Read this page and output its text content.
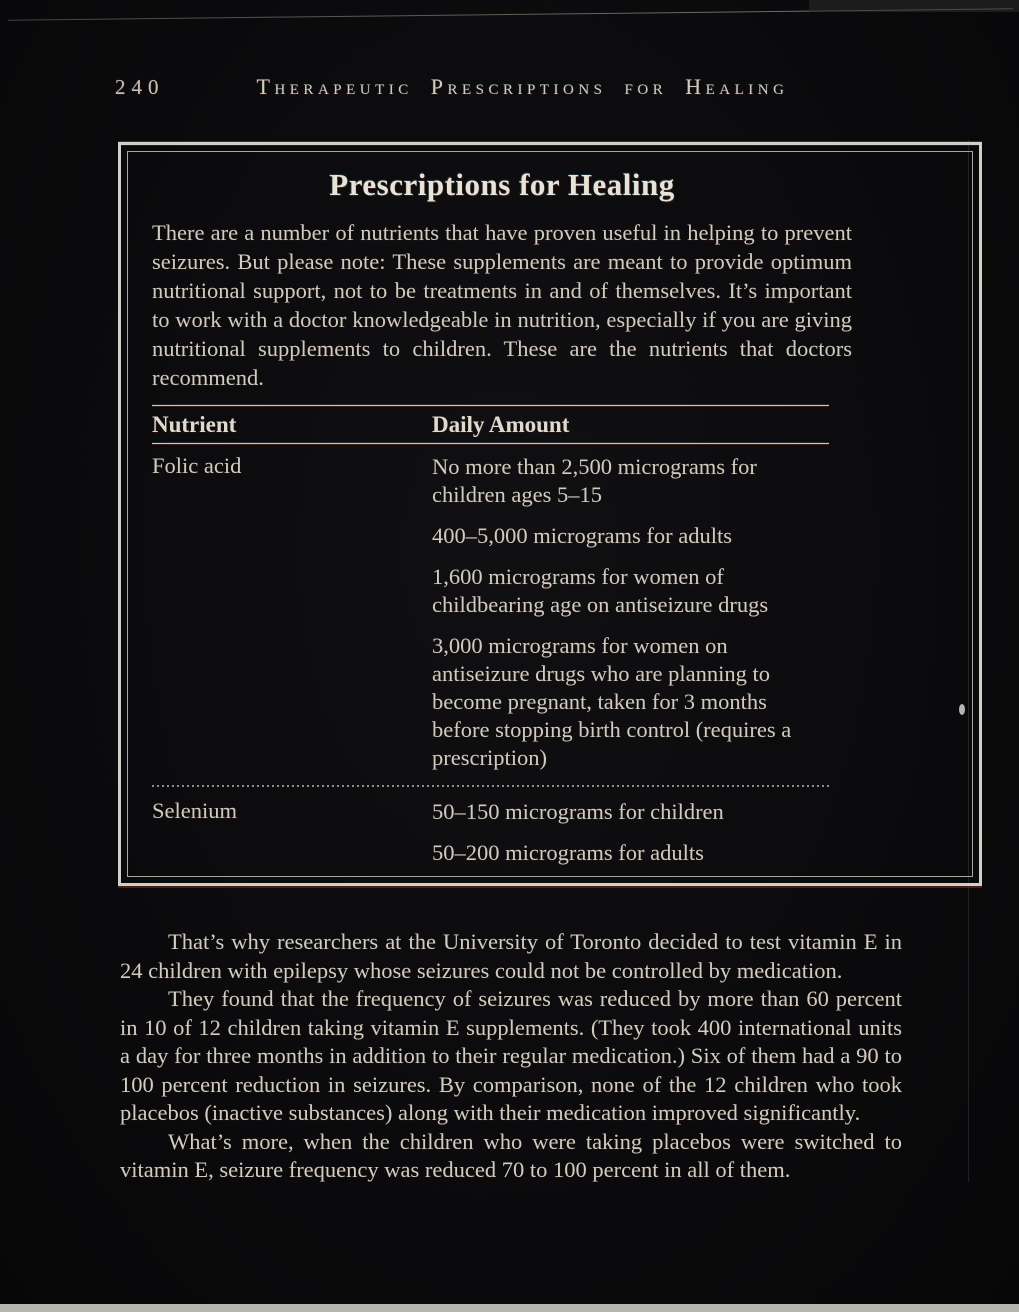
240	Therapeutic Prescriptions for Healing
Prescriptions for Healing

There are a number of nutrients that have proven useful in helping to prevent seizures. But please note: These supplements are meant to provide optimum nutritional support, not to be treatments in and of themselves. It’s important to work with a doctor knowledgeable in nutrition, especially if you are giving nutritional supplements to children. These are the nutrients that doctors recommend.

Nutrient	Daily Amount
Folic acid	No more than 2,500 micrograms for children ages 5–15

400–5,000 micrograms for adults

1,600 micrograms for women of childbearing age on antiseizure drugs

3,000 micrograms for women on antiseizure drugs who are planning to become pregnant, taken for 3 months before stopping birth control (requires a prescription)

Selenium	50–150 micrograms for children

50–200 micrograms for adults

That’s why researchers at the University of Toronto decided to test vitamin E in 24 children with epilepsy whose seizures could not be controlled by medication.

They found that the frequency of seizures was reduced by more than 60 percent in 10 of 12 children taking vitamin E supplements. (They took 400 international units a day for three months in addition to their regular medication.) Six of them had a 90 to 100 percent reduction in seizures. By comparison, none of the 12 children who took placebos (inactive substances) along with their medication improved significantly.

What’s more, when the children who were taking placebos were switched to vitamin E, seizure frequency was reduced 70 to 100 percent in all of them.
